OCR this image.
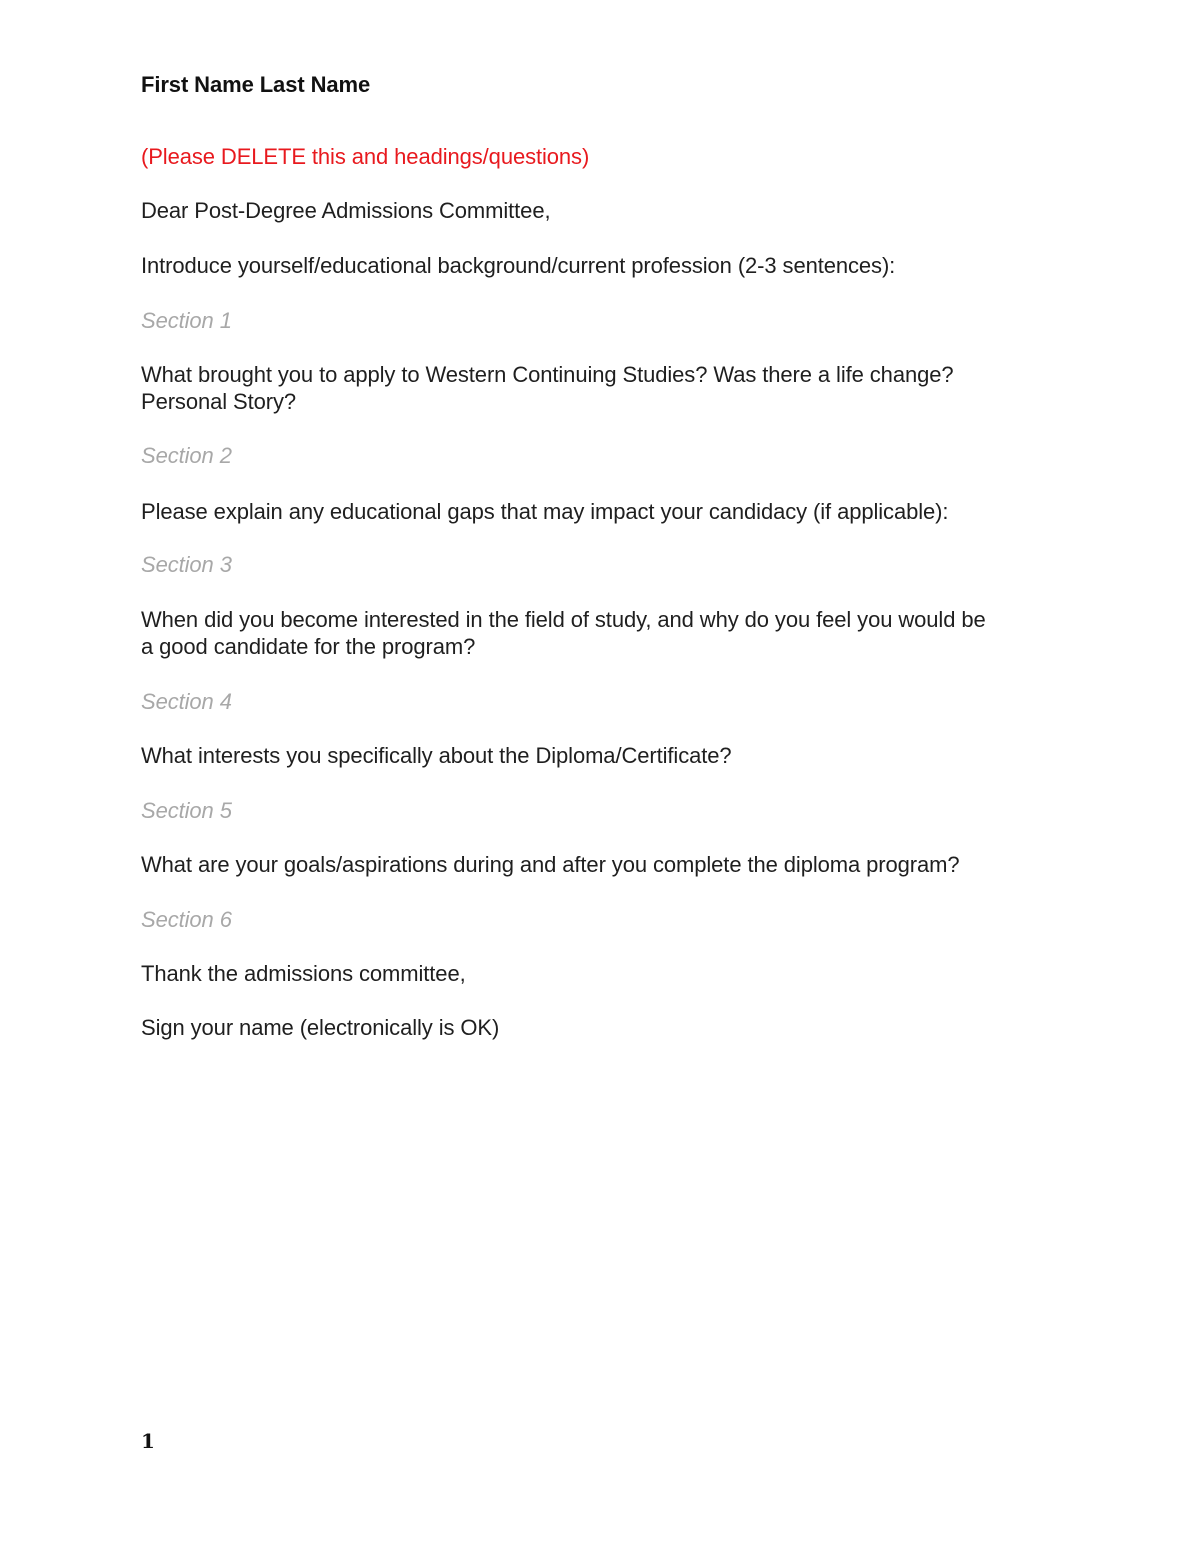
First Name Last Name
(Please DELETE this and headings/questions)
Dear Post-Degree Admissions Committee,
Introduce yourself/educational background/current profession (2-3 sentences):
Section 1
What brought you to apply to Western Continuing Studies? Was there a life change?
Personal Story?
Section 2
Please explain any educational gaps that may impact your candidacy (if applicable):
Section 3
When did you become interested in the field of study, and why do you feel you would be
a good candidate for the program?
Section 4
What interests you specifically about the Diploma/Certificate?
Section 5
What are your goals/aspirations during and after you complete the diploma program?
Section 6
Thank the admissions committee,
Sign your name (electronically is OK)
1
